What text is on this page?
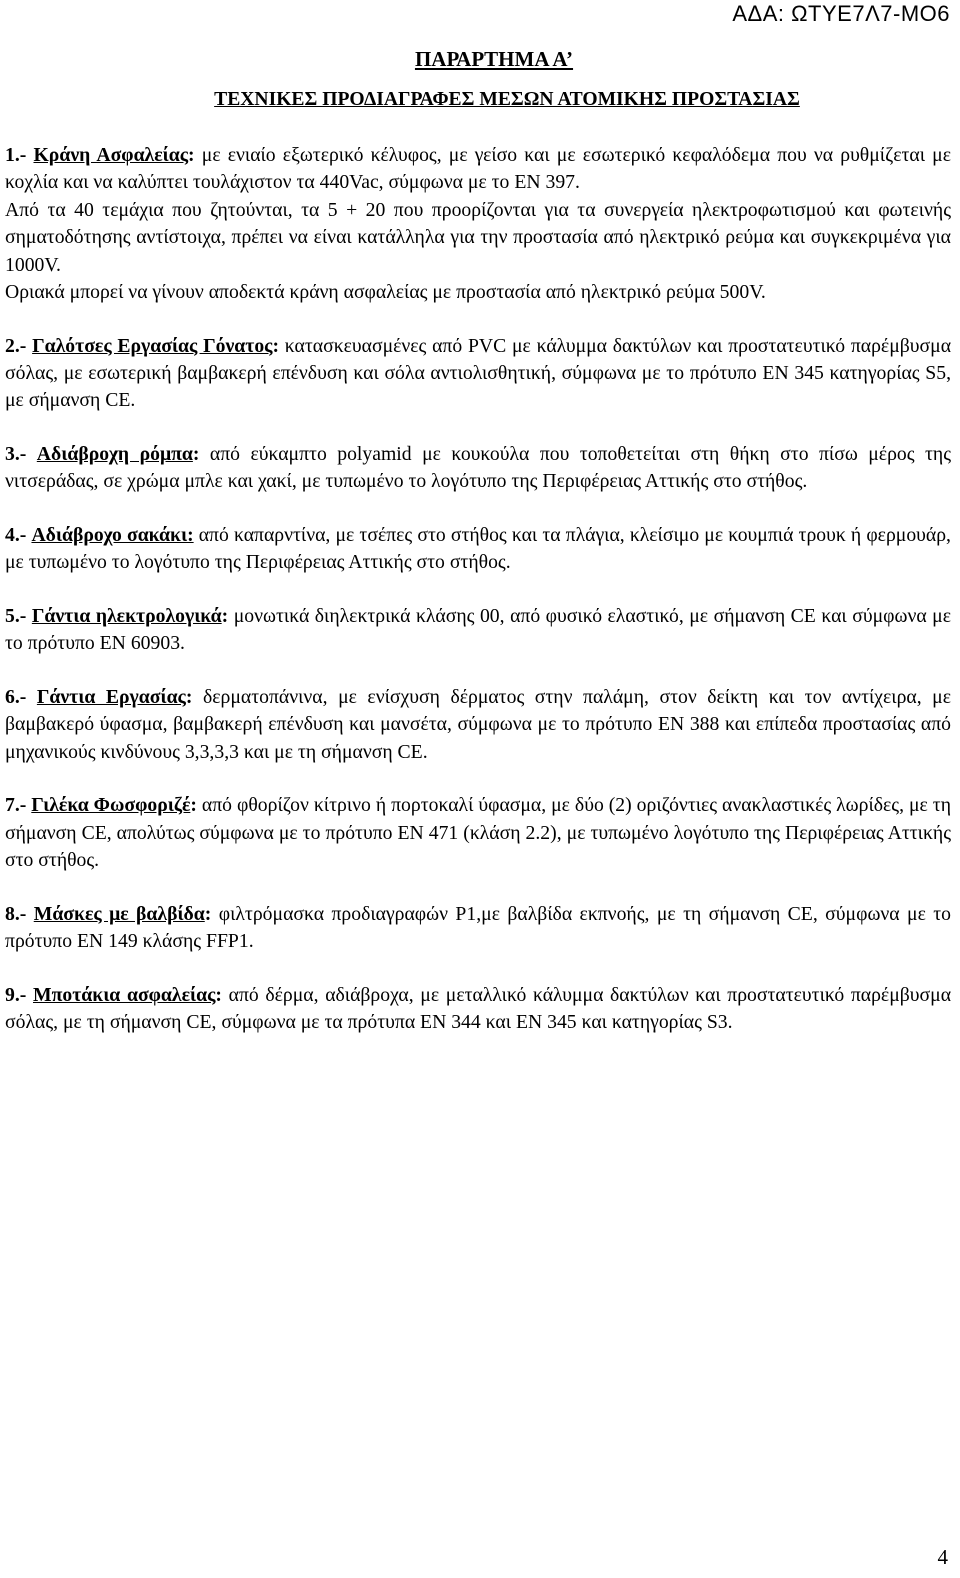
ΑΔΑ: ΩΤΥΕ7Λ7-ΜΟ6
ΠΑΡΑΡΤΗΜΑ Α’
ΤΕΧΝΙΚΕΣ ΠΡΟΔΙΑΓΡΑΦΕΣ ΜΕΣΩΝ ΑΤΟΜΙΚΗΣ ΠΡΟΣΤΑΣΙΑΣ

1.- Κράνη Ασφαλείας: με ενιαίο εξωτερικό κέλυφος, με γείσο και με εσωτερικό κεφαλόδεμα που να ρυθμίζεται με κοχλία και να καλύπτει τουλάχιστον τα 440Vac, σύμφωνα με το ΕΝ 397.

Από τα 40 τεμάχια που ζητούνται, τα 5 + 20 που προορίζονται για τα συνεργεία ηλεκτροφωτισμού και φωτεινής σηματοδότησης αντίστοιχα, πρέπει να είναι κατάλληλα για την προστασία από ηλεκτρικό ρεύμα και συγκεκριμένα για 1000V.

Οριακά μπορεί να γίνουν αποδεκτά κράνη ασφαλείας με προστασία από ηλεκτρικό ρεύμα 500V.

2.- Γαλότσες Εργασίας Γόνατος: κατασκευασμένες από PVC με κάλυμμα δακτύλων και προστατευτικό παρέμβυσμα σόλας, με εσωτερική βαμβακερή επένδυση και σόλα αντιολισθητική, σύμφωνα με το πρότυπο ΕΝ 345 κατηγορίας S5, με σήμανση CE.

3.- Αδιάβροχη ρόμπα: από εύκαμπτο polyamid με κουκούλα που τοποθετείται στη θήκη στο πίσω μέρος της νιτσεράδας, σε χρώμα μπλε και χακί, με τυπωμένο το λογότυπο της Περιφέρειας Αττικής στο στήθος.

4.- Αδιάβροχο σακάκι: από καπαρντίνα, με τσέπες στο στήθος και τα πλάγια, κλείσιμο με κουμπιά τρουκ ή φερμουάρ, με τυπωμένο το λογότυπο της Περιφέρειας Αττικής στο στήθος.

5.- Γάντια ηλεκτρολογικά: μονωτικά διηλεκτρικά κλάσης 00, από φυσικό ελαστικό, με σήμανση CE και σύμφωνα με το πρότυπο ΕΝ 60903.

6.- Γάντια Εργασίας: δερματοπάνινα, με ενίσχυση δέρματος στην παλάμη, στον δείκτη και τον αντίχειρα, με βαμβακερό ύφασμα, βαμβακερή επένδυση και μανσέτα, σύμφωνα με το πρότυπο ΕΝ 388 και επίπεδα προστασίας από μηχανικούς κινδύνους 3,3,3,3 και με τη σήμανση CE.

7.- Γιλέκα Φωσφοριζέ: από φθορίζον κίτρινο ή πορτοκαλί ύφασμα, με δύο (2) οριζόντιες ανακλαστικές λωρίδες, με τη σήμανση CE, απολύτως σύμφωνα με το πρότυπο ΕΝ 471 (κλάση 2.2), με τυπωμένο λογότυπο της Περιφέρειας Αττικής στο στήθος.

8.- Μάσκες με βαλβίδα: φιλτρόμασκα προδιαγραφών P1,με βαλβίδα εκπνοής, με τη σήμανση CE, σύμφωνα με το πρότυπο ΕΝ 149 κλάσης FFP1.

9.- Μποτάκια ασφαλείας: από δέρμα, αδιάβροχα, με μεταλλικό κάλυμμα δακτύλων και προστατευτικό παρέμβυσμα σόλας, με τη σήμανση CE, σύμφωνα με τα πρότυπα ΕΝ 344 και ΕΝ 345 και κατηγορίας S3.

4
